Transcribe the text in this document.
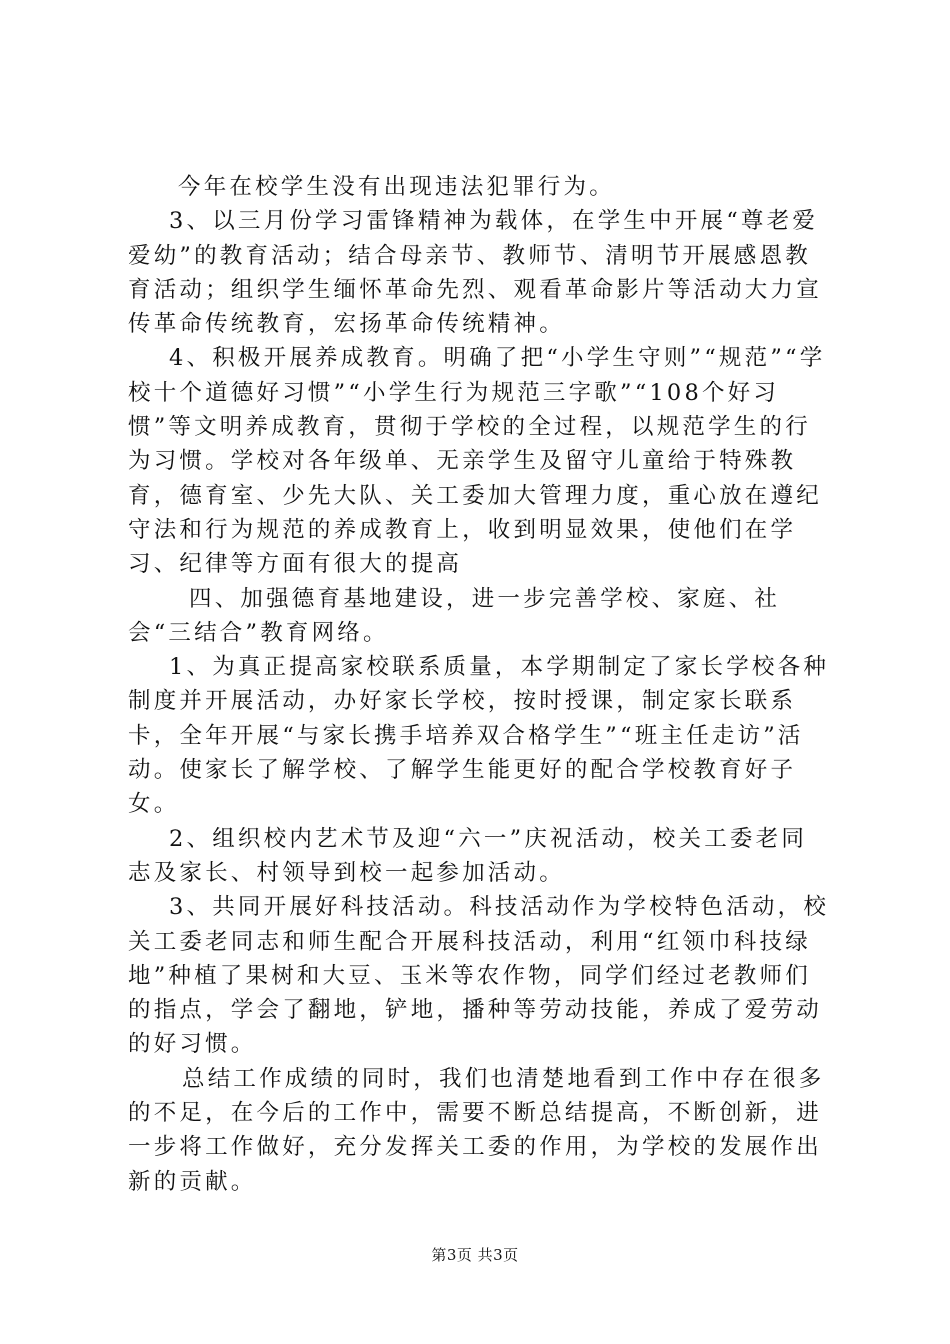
今年在校学生没有出现违法犯罪行为。

3、以三月份学习雷锋精神为载体，在学生中开展“尊老爱爱幼”的教育活动；结合母亲节、教师节、清明节开展感恩教育活动；组织学生缅怀革命先烈、观看革命影片等活动大力宣传革命传统教育，宏扬革命传统精神。

4、积极开展养成教育。明确了把“小学生守则”“规范”“学校十个道德好习惯”“小学生行为规范三字歌”“108个好习惯”等文明养成教育，贯彻于学校的全过程，以规范学生的行为习惯。学校对各年级单、无亲学生及留守儿童给于特殊教育，德育室、少先大队、关工委加大管理力度，重心放在遵纪守法和行为规范的养成教育上，收到明显效果，使他们在学习、纪律等方面有很大的提高

四、加强德育基地建设，进一步完善学校、家庭、社会“三结合”教育网络。

1、为真正提高家校联系质量，本学期制定了家长学校各种制度并开展活动，办好家长学校，按时授课，制定家长联系卡，全年开展“与家长携手培养双合格学生”“班主任走访”活动。使家长了解学校、了解学生能更好的配合学校教育好子女。

2、组织校内艺术节及迎“六一”庆祝活动，校关工委老同志及家长、村领导到校一起参加活动。

3、共同开展好科技活动。科技活动作为学校特色活动，校关工委老同志和师生配合开展科技活动，利用“红领巾科技绿地”种植了果树和大豆、玉米等农作物，同学们经过老教师们的指点，学会了翻地，铲地，播种等劳动技能，养成了爱劳动的好习惯。

总结工作成绩的同时，我们也清楚地看到工作中存在很多的不足，在今后的工作中，需要不断总结提高，不断创新，进一步将工作做好，充分发挥关工委的作用，为学校的发展作出新的贡献。

第3页 共3页
